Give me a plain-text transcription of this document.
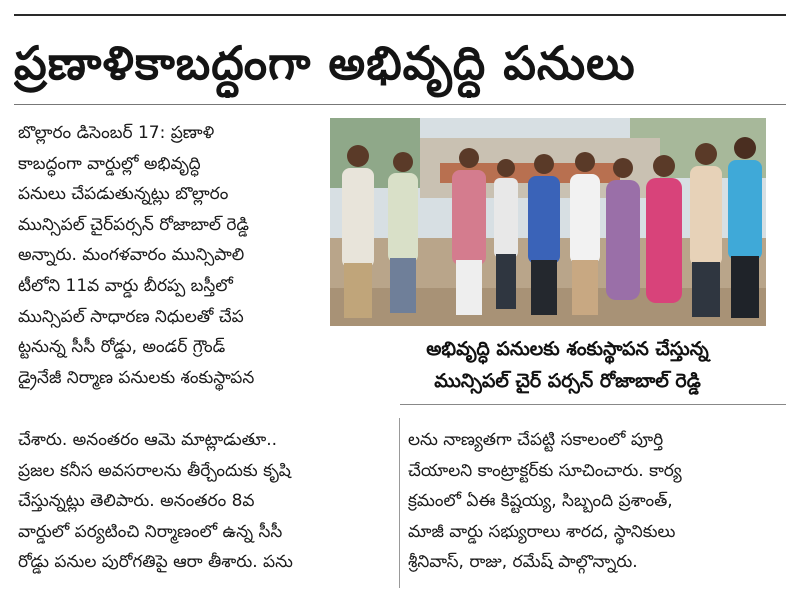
ప్రణాళికాబద్ధంగా అభివృద్ధి పనులు
బొల్లారం డిసెంబర్ 17: ప్రణాళి
కాబద్ధంగా వార్డుల్లో అభివృద్ధి
పనులు చేపడుతున్నట్లు బొల్లారం
మున్సిపల్ చైర్‌పర్సన్ రోజాబాల్ రెడ్డి
అన్నారు. మంగళవారం మున్సిపాలి
టీలోని 11వ వార్డు బీరప్ప బస్తీలో
మున్సిపల్ సాధారణ నిధులతో చేప
ట్టనున్న సీసీ రోడ్డు, అండర్ గ్రౌండ్
డ్రైనేజీ నిర్మాణ పనులకు శంకుస్థాపన
చేశారు. అనంతరం ఆమె మాట్లాడుతూ..
ప్రజల కనీస అవసరాలను తీర్చేందుకు కృషి
చేస్తున్నట్లు తెలిపారు. అనంతరం 8వ
వార్డులో పర్యటించి నిర్మాణంలో ఉన్న సీసీ
రోడ్డు పనుల పురోగతిపై ఆరా తీశారు. పను
అభివృద్ధి పనులకు శంకుస్థాపన చేస్తున్న
మున్సిపల్ చైర్ పర్సన్ రోజాబాల్ రెడ్డి
లను నాణ్యతగా చేపట్టి సకాలంలో పూర్తి
చేయాలని కాంట్రాక్టర్‌కు సూచించారు. కార్య
క్రమంలో ఏఈ కిష్టయ్య, సిబ్బంది ప్రశాంత్,
మాజీ వార్డు సభ్యురాలు శారద, స్థానికులు
శ్రీనివాస్, రాజు, రమేష్ పాల్గొన్నారు.
